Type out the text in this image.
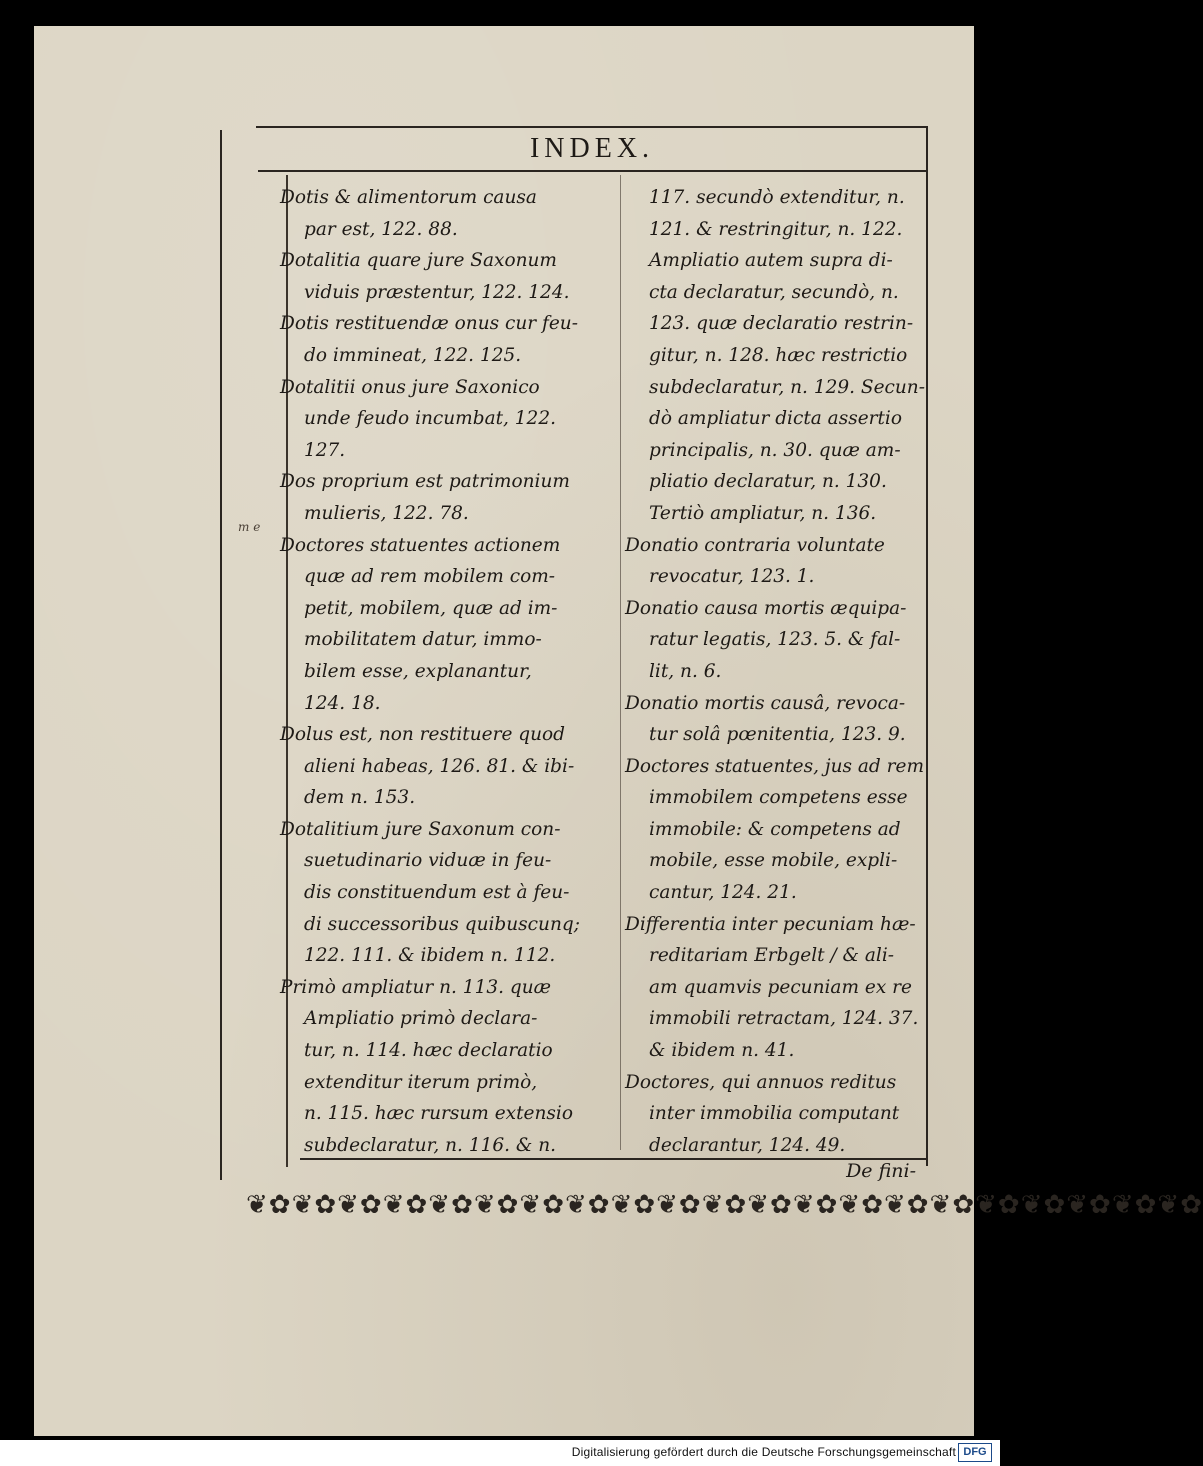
INDEX.
m e

Dotis & alimentorum causa

par est, 122. 88.

Dotalitia quare jure Saxonum

viduis præstentur, 122. 124.

Dotis restituendæ onus cur feu-

do immineat, 122. 125.

Dotalitii onus jure Saxonico

unde feudo incumbat, 122.

127.

Dos proprium est patrimonium

mulieris, 122. 78.

Doctores statuentes actionem

quæ ad rem mobilem com-

petit, mobilem, quæ ad im-

mobilitatem datur, immo-

bilem esse, explanantur,

124. 18.

Dolus est, non restituere quod

alieni habeas, 126. 81. & ibi-

dem n. 153.

Dotalitium jure Saxonum con-

suetudinario viduæ in feu-

dis constituendum est à feu-

di successoribus quibuscunq;

122. 111. & ibidem n. 112.

Primò ampliatur n. 113. quæ

Ampliatio primò declara-

tur, n. 114. hæc declaratio

extenditur iterum primò,

n. 115. hæc rursum extensio

subdeclaratur, n. 116. & n.

117. secundò extenditur, n.

121. & restringitur, n. 122.

Ampliatio autem supra di-

cta declaratur, secundò, n.

123. quæ declaratio restrin-

gitur, n. 128. hæc restrictio

subdeclaratur, n. 129. Secun-

dò ampliatur dicta assertio

principalis, n. 30. quæ am-

pliatio declaratur, n. 130.

Tertiò ampliatur, n. 136.

Donatio contraria voluntate

revocatur, 123. 1.

Donatio causa mortis æquipa-

ratur legatis, 123. 5. & fal-

lit, n. 6.

Donatio mortis causâ, revoca-

tur solâ pœnitentia, 123. 9.

Doctores statuentes, jus ad rem

immobilem competens esse

immobile: & competens ad

mobile, esse mobile, expli-

cantur, 124. 21.

Differentia inter pecuniam hæ-

reditariam Erbgelt / & ali-

am quamvis pecuniam ex re

immobili retractam, 124. 37.

& ibidem n. 41.

Doctores, qui annuos reditus

inter immobilia computant

declarantur, 124. 49.

De fini-
❦✿❦✿❦✿❦✿❦✿❦✿❦✿❦✿❦✿❦✿❦✿❦✿❦✿❦✿❦✿❦✿❦✿❦✿❦✿❦✿❦✿
Digitalisierung gefördert durch die Deutsche Forschungsgemeinschaft DFG
